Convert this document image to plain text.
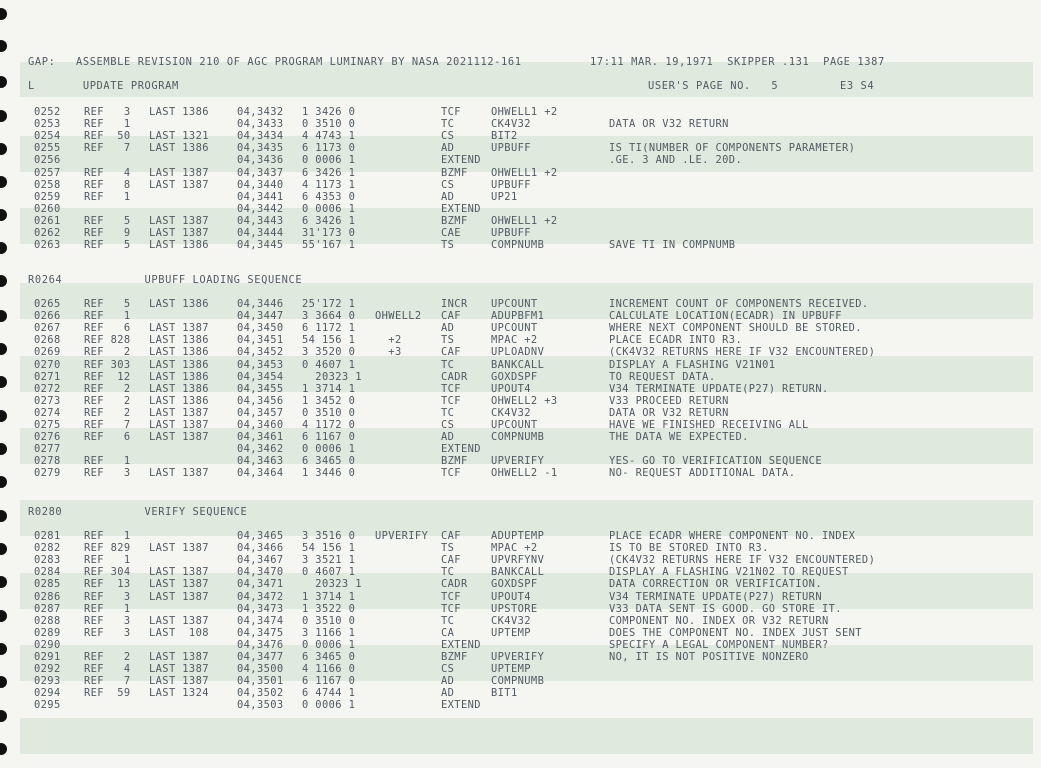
GAP:   ASSEMBLE REVISION 210 OF AGC PROGRAM LUMINARY BY NASA 2021112-161	17:11 MAR. 19,1971  SKIPPER .131  PAGE 1387
L       UPDATE PROGRAM	USER'S PAGE NO.   5         E3 S4
0252 REF   3 LAST 1386	04,3432 1 3426 0	TCF	OHWELL1 +2
0253 REF   1	04,3433 0 3510 0	TC	CK4V32	DATA OR V32 RETURN
0254 REF  50 LAST 1321	04,3434 4 4743 1	CS	BIT2
0255 REF   7 LAST 1386	04,3435 6 1173 0	AD	UPBUFF	IS TI(NUMBER OF COMPONENTS PARAMETER)
0256	04,3436 0 0006 1	EXTEND	.GE. 3 AND .LE. 20D.
0257 REF   4 LAST 1387	04,3437 6 3426 1	BZMF OHWELL1 +2
0258 REF   8 LAST 1387	04,3440 4 1173 1	CS	UPBUFF
0259 REF   1	04,3441 6 4353 0	AD	UP21
0260	04,3442 0 0006 1	EXTEND
0261 REF   5 LAST 1387	04,3443 6 3426 1	BZMF OHWELL1 +2
0262 REF   9 LAST 1387	04,3444 31'173 0	CAE	UPBUFF
0263 REF   5 LAST 1386	04,3445 55'167 1	TS	COMPNUMB	SAVE TI IN COMPNUMB
R0264            UPBUFF LOADING SEQUENCE
0265 REF   5 LAST 1386	04,3446 25'172 1	INCR UPCOUNT	INCREMENT COUNT OF COMPONENTS RECEIVED.
0266 REF   1	04,3447 3 3664 0 OHWELL2 CAF	ADUPBFM1	CALCULATE LOCATION(ECADR) IN UPBUFF
0267 REF   6 LAST 1387	04,3450 6 1172 1	AD	UPCOUNT	WHERE NEXT COMPONENT SHOULD BE STORED.
0268 REF 828 LAST 1386	04,3451 54 156 1 +2	TS	MPAC +2	PLACE ECADR INTO R3.
0269 REF   2 LAST 1386	04,3452 3 3520 0 +3	CAF	UPLOADNV	(CK4V32 RETURNS HERE IF V32 ENCOUNTERED)
0270 REF 303 LAST 1386	04,3453 0 4607 1	TC	BANKCALL	DISPLAY A FLASHING V21N01
0271 REF  12 LAST 1386	04,3454 20323 1	CADR GOXDSPF	TO REQUEST DATA.
0272 REF   2 LAST 1386	04,3455 1 3714 1	TCF	UPOUT4	V34 TERMINATE UPDATE(P27) RETURN.
0273 REF   2 LAST 1386	04,3456 1 3452 0	TCF	OHWELL2 +3	V33 PROCEED RETURN
0274 REF   2 LAST 1387	04,3457 0 3510 0	TC	CK4V32	DATA OR V32 RETURN
0275 REF   7 LAST 1387	04,3460 4 1172 0	CS	UPCOUNT	HAVE WE FINISHED RECEIVING ALL
0276 REF   6 LAST 1387	04,3461 6 1167 0	AD	COMPNUMB	THE DATA WE EXPECTED.
0277	04,3462 0 0006 1	EXTEND
0278 REF   1	04,3463 6 3465 0	BZMF UPVERIFY	YES- GO TO VERIFICATION SEQUENCE
0279 REF   3 LAST 1387	04,3464 1 3446 0	TCF	OHWELL2 -1	NO- REQUEST ADDITIONAL DATA.
R0280            VERIFY SEQUENCE
0281 REF   1	04,3465 3 3516 0 UPVERIFY CAF	ADUPTEMP	PLACE ECADR WHERE COMPONENT NO. INDEX
0282 REF 829 LAST 1387	04,3466 54 156 1	TS	MPAC +2	IS TO BE STORED INTO R3.
0283 REF   1	04,3467 3 3521 1	CAF	UPVRFYNV	(CK4V32 RETURNS HERE IF V32 ENCOUNTERED)
0284 REF 304 LAST 1387	04,3470 0 4607 1	TC	BANKCALL	DISPLAY A FLASHING V21N02 TO REQUEST
0285 REF  13 LAST 1387	04,3471 20323 1	CADR GOXDSPF	DATA CORRECTION OR VERIFICATION.
0286 REF   3 LAST 1387	04,3472 1 3714 1	TCF	UPOUT4	V34 TERMINATE UPDATE(P27) RETURN
0287 REF   1	04,3473 1 3522 0	TCF	UPSTORE	V33 DATA SENT IS GOOD. GO STORE IT.
0288 REF   3 LAST 1387	04,3474 0 3510 0	TC	CK4V32	COMPONENT NO. INDEX OR V32 RETURN
0289 REF   3 LAST  108	04,3475 3 1166 1	CA	UPTEMP	DOES THE COMPONENT NO. INDEX JUST SENT
0290	04,3476 0 0006 1	EXTEND	SPECIFY A LEGAL COMPONENT NUMBER?
0291 REF   2 LAST 1387	04,3477 6 3465 0	BZMF UPVERIFY	NO, IT IS NOT POSITIVE NONZERO
0292 REF   4 LAST 1387	04,3500 4 1166 0	CS	UPTEMP
0293 REF   7 LAST 1387	04,3501 6 1167 0	AD	COMPNUMB
0294 REF  59 LAST 1324	04,3502 6 4744 1	AD	BIT1
0295	04,3503 0 0006 1	EXTEND
